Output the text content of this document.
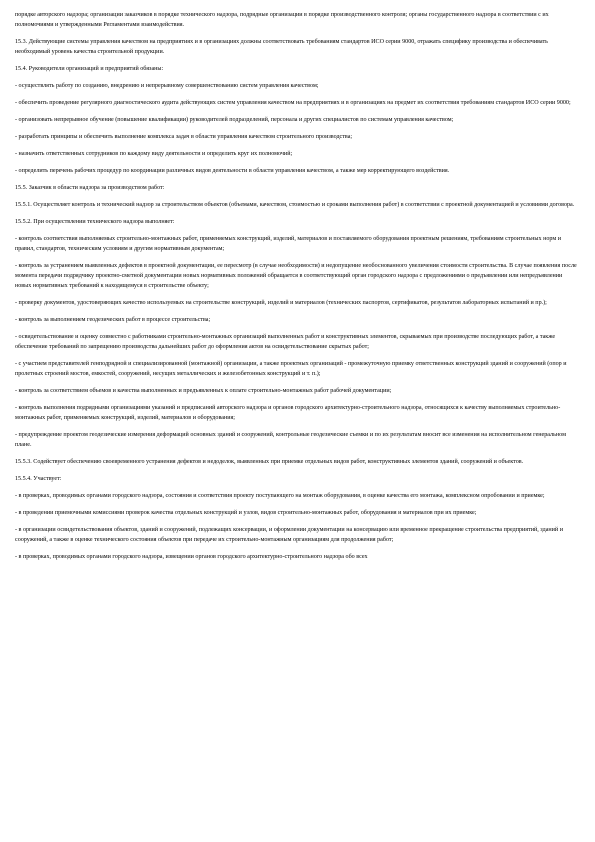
порядке авторского надзора; организации заказчиков в порядке технического надзора, подрядные организации в порядке производственного контроля; органы государственного надзора в соответствии с их полномочиями и утвержденными Регламентами взаимодействия.

15.3. Действующие системы управления качеством на предприятиях и в организациях должны соответствовать требованиям стандартов ИСО серии 9000, отражать специфику производства и обеспечивать необходимый уровень качества строительной продукции.

15.4. Руководители организаций и предприятий обязаны:

- осуществлять работу по созданию, внедрению и непрерывному совершенствованию систем управления качеством;

- обеспечить проведение регулярного диагностического аудита действующих систем управления качеством на предприятиях и в организациях на предмет их соответствия требованиям стандартов ИСО серии 9000;

- организовать непрерывное обучение (повышение квалификации) руководителей подразделений, персонала и других специалистов по системам управления качеством;

- разработать принципы и обеспечить выполнение комплекса задач в области управления качеством строительного производства;

- назначить ответственных сотрудников по каждому виду деятельности и определить круг их полномочий;

- определить перечень рабочих процедур по координации различных видов деятельности в области управления качеством, а также мер корректирующего воздействия.

15.5. Заказчик в области надзора за производством работ:

15.5.1. Осуществляет контроль и технический надзор за строительством объектов (объемами, качеством, стоимостью и сроками выполнения работ) в соответствии с проектной документацией и условиями договора.

15.5.2. При осуществлении технического надзора выполняет:

- контроль соответствия выполняемых строительно-монтажных работ, применяемых конструкций, изделий, материалов и поставляемого оборудования проектным решениям, требованиям строительных норм и правил, стандартов, техническим условиям и другим нормативным документам;

- контроль за устранением выявленных дефектов в проектной документации, ее пересмотр (в случае необходимости) и недопущение необоснованного увеличения стоимости строительства. В случае появления после момента передачи подрядчику проектно-сметной документации новых нормативных положений обращается в соответствующий орган городского надзора с предложениями о предъявлении или непредъявлении новых нормативных требований к находящемуся в строительстве объекту;

- проверку документов, удостоверяющих качество используемых на строительстве конструкций, изделий и материалов (технических паспортов, сертификатов, результатов лабораторных испытаний и пр.);

- контроль за выполнением геодезических работ в процессе строительства;

- освидетельствование и оценку совместно с работниками строительно-монтажных организаций выполненных работ и конструктивных элементов, скрываемых при производстве последующих работ, а также обеспечение требований по запрещению производства дальнейших работ до оформления актов на освидетельствование скрытых работ;

- с участием представителей генподрядной и специализированной (монтажной) организации, а также проектных организаций - промежуточную приемку ответственных конструкций зданий и сооружений (опор и пролетных строений мостов, емкостей, сооружений, несущих металлических и железобетонных конструкций и т. п.);

- контроль за соответствием объемов и качества выполненных и предъявленных к оплате строительно-монтажных работ рабочей документации;

- контроль выполнения подрядными организациями указаний и предписаний авторского надзора и органов городского архитектурно-строительного надзора, относящихся к качеству выполняемых строительно-монтажных работ, применяемых конструкций, изделий, материалов и оборудования;

- предупреждение проектом геодезические измерения деформаций основных зданий и сооружений, контрольные геодезические съемки и по их результатам вносит все изменения на исполнительном генеральном плане.

15.5.3. Содействует обеспечению своевременного устранения дефектов и недоделок, выявленных при приемке отдельных видов работ, конструктивных элементов зданий, сооружений и объектов.

15.5.4. Участвует:

- в проверках, проводимых органами городского надзора, состояния и соответствия проекту поступающего на монтаж оборудования, в оценке качества его монтажа, комплексном опробовании и приемке;

- в проведении приемочными комиссиями проверок качества отдельных конструкций и узлов, видов строительно-монтажных работ, оборудования и материалов при их приемке;

- в организации освидетельствования объектов, зданий и сооружений, подлежащих консервации, и оформлении документации на консервацию или временное прекращение строительства предприятий, зданий и сооружений, а также в оценке технического состояния объектов при передаче их строительно-монтажным организациям для продолжения работ;

- в проверках, проводимых органами городского надзора, извещении органов городского архитектурно-строительного надзора обо всех
